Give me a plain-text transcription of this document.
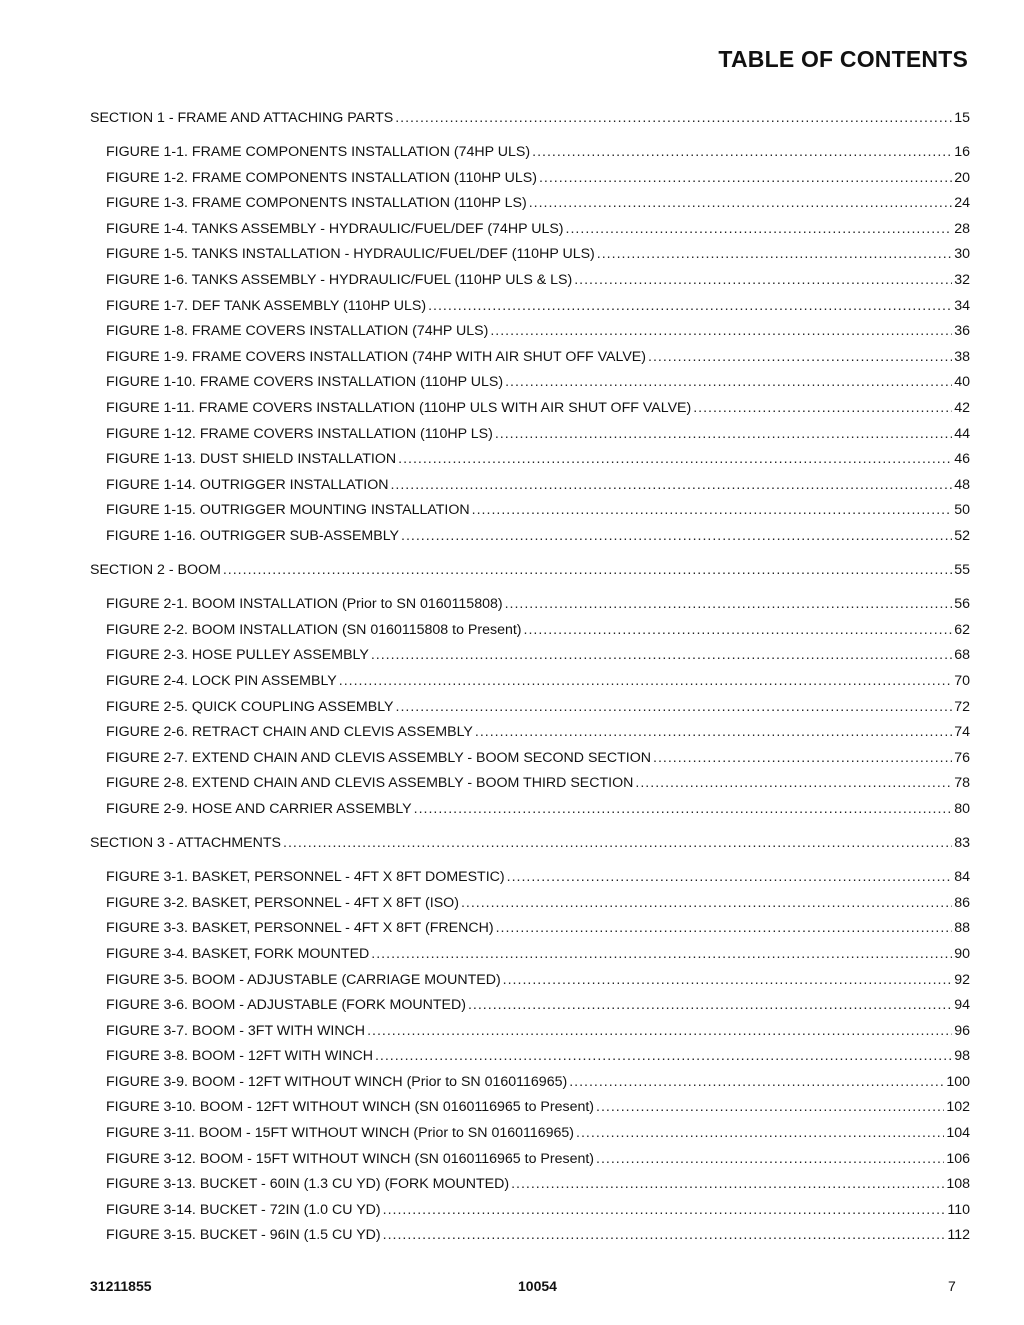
TABLE OF CONTENTS
SECTION 1 - FRAME AND ATTACHING PARTS .....	15
FIGURE 1-1. FRAME COMPONENTS INSTALLATION (74HP ULS) .....	16
FIGURE 1-2. FRAME COMPONENTS INSTALLATION (110HP ULS) .....	20
FIGURE 1-3. FRAME COMPONENTS INSTALLATION (110HP LS) .....	24
FIGURE 1-4. TANKS ASSEMBLY - HYDRAULIC/FUEL/DEF (74HP ULS) .....	28
FIGURE 1-5. TANKS INSTALLATION - HYDRAULIC/FUEL/DEF (110HP ULS) .....	30
FIGURE 1-6. TANKS ASSEMBLY - HYDRAULIC/FUEL (110HP ULS & LS) .....	32
FIGURE 1-7. DEF TANK ASSEMBLY (110HP ULS) .....	34
FIGURE 1-8. FRAME COVERS INSTALLATION (74HP ULS) .....	36
FIGURE 1-9. FRAME COVERS INSTALLATION (74HP WITH AIR SHUT OFF VALVE) .....	38
FIGURE 1-10. FRAME COVERS INSTALLATION (110HP ULS) .....	40
FIGURE 1-11. FRAME COVERS INSTALLATION (110HP ULS WITH AIR SHUT OFF VALVE) .....	42
FIGURE 1-12. FRAME COVERS INSTALLATION (110HP LS) .....	44
FIGURE 1-13. DUST SHIELD INSTALLATION .....	46
FIGURE 1-14. OUTRIGGER INSTALLATION .....	48
FIGURE 1-15. OUTRIGGER MOUNTING INSTALLATION .....	50
FIGURE 1-16. OUTRIGGER SUB-ASSEMBLY .....	52
SECTION 2 - BOOM .....	55
FIGURE 2-1. BOOM INSTALLATION (Prior to SN 0160115808) .....	56
FIGURE 2-2. BOOM INSTALLATION (SN 0160115808 to Present) .....	62
FIGURE 2-3. HOSE PULLEY ASSEMBLY .....	68
FIGURE 2-4. LOCK PIN ASSEMBLY .....	70
FIGURE 2-5. QUICK COUPLING ASSEMBLY .....	72
FIGURE 2-6. RETRACT CHAIN AND CLEVIS ASSEMBLY .....	74
FIGURE 2-7. EXTEND CHAIN AND CLEVIS ASSEMBLY - BOOM SECOND SECTION .....	76
FIGURE 2-8. EXTEND CHAIN AND CLEVIS ASSEMBLY - BOOM THIRD SECTION .....	78
FIGURE 2-9. HOSE AND CARRIER ASSEMBLY .....	80
SECTION 3 - ATTACHMENTS .....	83
FIGURE 3-1. BASKET, PERSONNEL - 4FT X 8FT DOMESTIC) .....	84
FIGURE 3-2. BASKET, PERSONNEL - 4FT X 8FT (ISO) .....	86
FIGURE 3-3. BASKET, PERSONNEL - 4FT X 8FT (FRENCH) .....	88
FIGURE 3-4. BASKET, FORK MOUNTED .....	90
FIGURE 3-5. BOOM - ADJUSTABLE (CARRIAGE MOUNTED) .....	92
FIGURE 3-6. BOOM - ADJUSTABLE (FORK MOUNTED) .....	94
FIGURE 3-7. BOOM - 3FT WITH WINCH .....	96
FIGURE 3-8. BOOM - 12FT WITH WINCH .....	98
FIGURE 3-9. BOOM - 12FT WITHOUT WINCH (Prior to SN 0160116965) .....	100
FIGURE 3-10. BOOM - 12FT WITHOUT WINCH (SN 0160116965 to Present) .....	102
FIGURE 3-11. BOOM - 15FT WITHOUT WINCH (Prior to SN 0160116965) .....	104
FIGURE 3-12. BOOM - 15FT WITHOUT WINCH (SN 0160116965 to Present) .....	106
FIGURE 3-13. BUCKET - 60IN (1.3 CU YD) (FORK MOUNTED) .....	108
FIGURE 3-14. BUCKET - 72IN (1.0 CU YD) .....	110
FIGURE 3-15. BUCKET - 96IN (1.5 CU YD) .....	112
31211855	10054	7
